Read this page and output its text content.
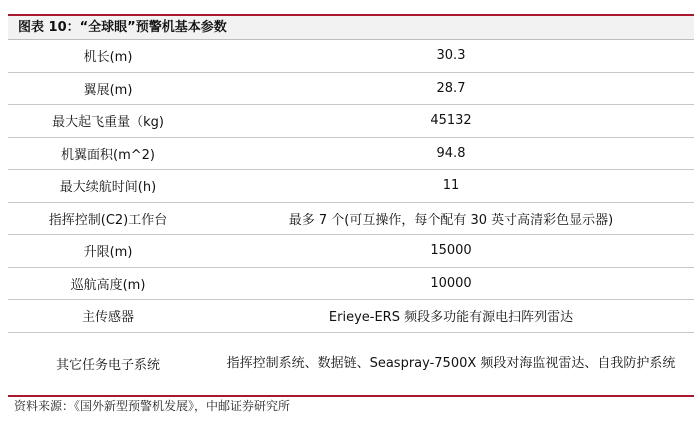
图表 10：“全球眼”预警机基本参数
机长(m)	30.3
翼展(m)	28.7
最大起飞重量（kg)	45132
机翼面积(m^2)	94.8
最大续航时间(h)	11
指挥控制(C2)工作台	最多 7 个(可互操作，每个配有 30 英寸高清彩色显示器)
升限(m)	15000
巡航高度(m)	10000
主传感器	Erieye-ERS 频段多功能有源电扫阵列雷达
其它任务电子系统	指挥控制系统、数据链、Seaspray-7500X 频段对海监视雷达、自我防护系统
资料来源：《国外新型预警机发展》，中邮证券研究所
